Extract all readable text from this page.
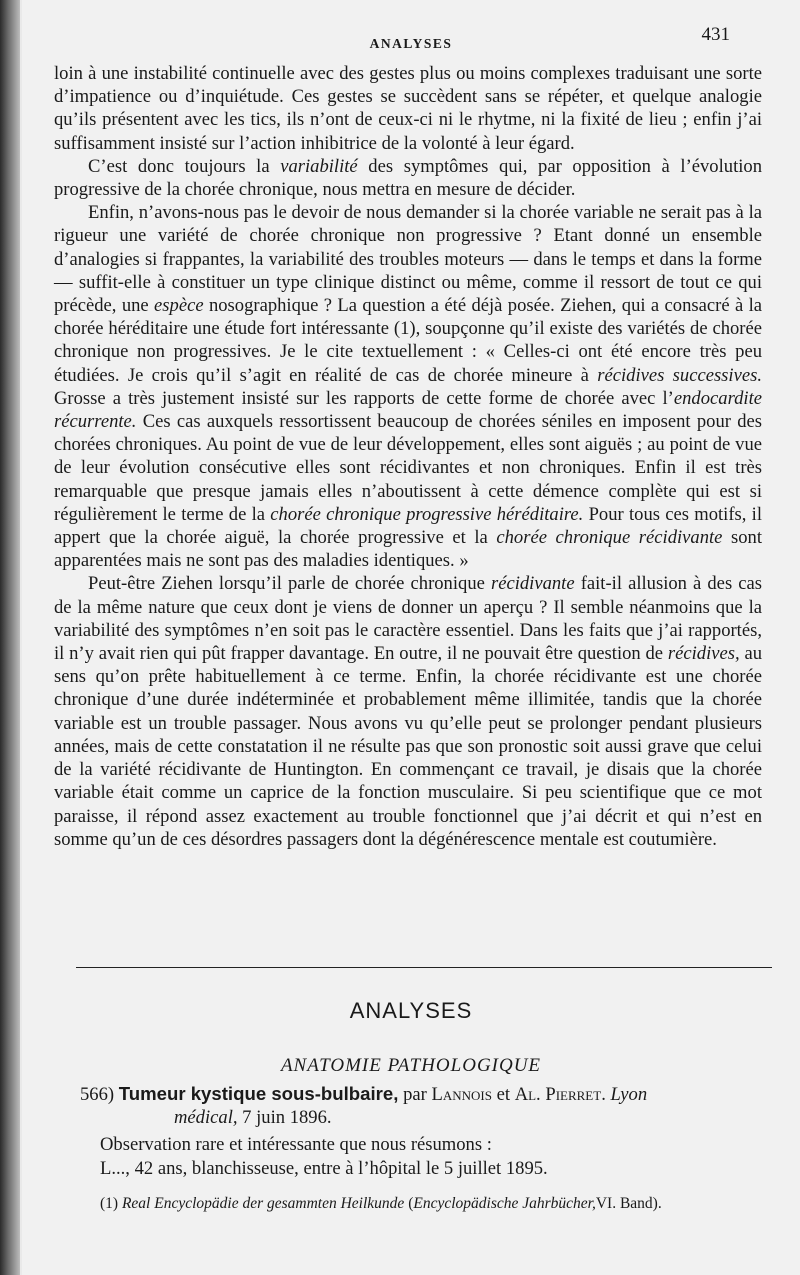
ANALYSES	431

loin à une instabilité continuelle avec des gestes plus ou moins complexes traduisant une sorte d’impatience ou d’inquiétude. Ces gestes se succèdent sans se répéter, et quelque analogie qu’ils présentent avec les tics, ils n’ont de ceux-ci ni le rhytme, ni la fixité de lieu ; enfin j’ai suffisamment insisté sur l’action inhibitrice de la volonté à leur égard.

C’est donc toujours la variabilité des symptômes qui, par opposition à l’évolution progressive de la chorée chronique, nous mettra en mesure de décider.

Enfin, n’avons-nous pas le devoir de nous demander si la chorée variable ne serait pas à la rigueur une variété de chorée chronique non progressive ? Etant donné un ensemble d’analogies si frappantes, la variabilité des troubles moteurs — dans le temps et dans la forme — suffit-elle à constituer un type clinique distinct ou même, comme il ressort de tout ce qui précède, une espèce nosographique ? La question a été déjà posée. Ziehen, qui a consacré à la chorée héréditaire une étude fort intéressante (1), soupçonne qu’il existe des variétés de chorée chronique non progressives. Je le cite textuellement : « Celles-ci ont été encore très peu étudiées. Je crois qu’il s’agit en réalité de cas de chorée mineure à récidives successives. Grosse a très justement insisté sur les rapports de cette forme de chorée avec l’endocardite récurrente. Ces cas auxquels ressortissent beaucoup de chorées séniles en imposent pour des chorées chroniques. Au point de vue de leur développement, elles sont aiguës ; au point de vue de leur évolution consécutive elles sont récidivantes et non chroniques. Enfin il est très remarquable que presque jamais elles n’aboutissent à cette démence complète qui est si régulièrement le terme de la chorée chronique progressive héréditaire. Pour tous ces motifs, il appert que la chorée aiguë, la chorée progressive et la chorée chronique récidivante sont apparentées mais ne sont pas des maladies identiques. »

Peut-être Ziehen lorsqu’il parle de chorée chronique récidivante fait-il allusion à des cas de la même nature que ceux dont je viens de donner un aperçu ? Il semble néanmoins que la variabilité des symptômes n’en soit pas le caractère essentiel. Dans les faits que j’ai rapportés, il n’y avait rien qui pût frapper davantage. En outre, il ne pouvait être question de récidives, au sens qu’on prête habituellement à ce terme. Enfin, la chorée récidivante est une chorée chronique d’une durée indéterminée et probablement même illimitée, tandis que la chorée variable est un trouble passager. Nous avons vu qu’elle peut se prolonger pendant plusieurs années, mais de cette constatation il ne résulte pas que son pronostic soit aussi grave que celui de la variété récidivante de Huntington. En commençant ce travail, je disais que la chorée variable était comme un caprice de la fonction musculaire. Si peu scientifique que ce mot paraisse, il répond assez exactement au trouble fonctionnel que j’ai décrit et qui n’est en somme qu’un de ces désordres passagers dont la dégénérescence mentale est coutumière.

ANALYSES
ANATOMIE PATHOLOGIQUE
566) Tumeur kystique sous-bulbaire, par Lannois et Al. Pierret. Lyon
médical, 7 juin 1896.
Observation rare et intéressante que nous résumons :
L..., 42 ans, blanchisseuse, entre à l’hôpital le 5 juillet 1895.
(1) Real Encyclopädie der gesammten Heilkunde (Encyclopädische Jahrbücher,VI. Band).
